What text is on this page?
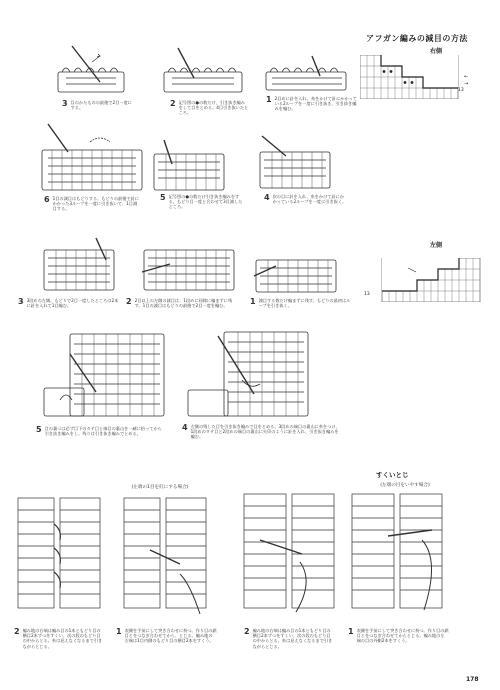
アフガン編みの減目の方法
右側
←
→
13
左側
13
3 目のかたものの最後で2目一度にする。	2 記号図の●の数だけ、引き抜き編みをして目をとめる。4目引き抜いたところ。
1 2目めに針を入れ、糸をかけて針にかかっている2ループを一度に引き抜き、引き抜き編みを編む。
6 1目の減目はもどりする。もどりの最後で針にかかった3ループを一度に引き抜いて、1目減目する。
5 記号図の●の数だけ引き抜き編みをする。もどり目一度と合わせて3目減したところ。
4 次の目に針を入れ、糸をかけて針にかかっている2ループを一度に引き抜く。
3 3段めの左側。もどりで2目一度したところは2本に針を入れて1目編む。	2 2目以上の左側の減目は、1段めに同様に編まずに残す。1目の減目はもどりの最後で2目一度を編む。	1 減目する数だけ編まずに残す。もどりの最初はループを引き抜く。
5 目の裏づは必ず目下のタテ目と端目の裏山を一緒に拾ってから引き抜き編みをし、残りは引き抜き編みでとめる。
4 左側の残した目を引き抜き編みで目をとめる。3段めの端目の裏山に糸をつけ、1段めのタテ目と2段めの端目の裏山に矢印のように針を入れ、引き抜き編みを編む。
(左端の1目を紅にする場合)
すくいとじ
(左端の目をいやす場合)
2 編み地の右端は編み目の1本ともどり目の横目2本ずつをすくい、次の段のもどり目の中からとる。糸は見えなくなるまで引きながらとじる。
1 表側を手前にして突き合わせに持つ。作り目の鎖目とをつなぎ合わせてから、とじる。編み地の左端は1目内側のもどり目の横目2本をすくう。
2 編み地の右端は編み目の1本ともどり目の横目2本ずつをすくい、次の段のもどり目の中からとる。糸は見えなくなるまで引きながらとじる。
1 表側を手前にして突き合わせに持つ。作り目の鎖目とをつなぎ合わせてからとじる。編み地の左端の目の外側2本をすくう。
178
